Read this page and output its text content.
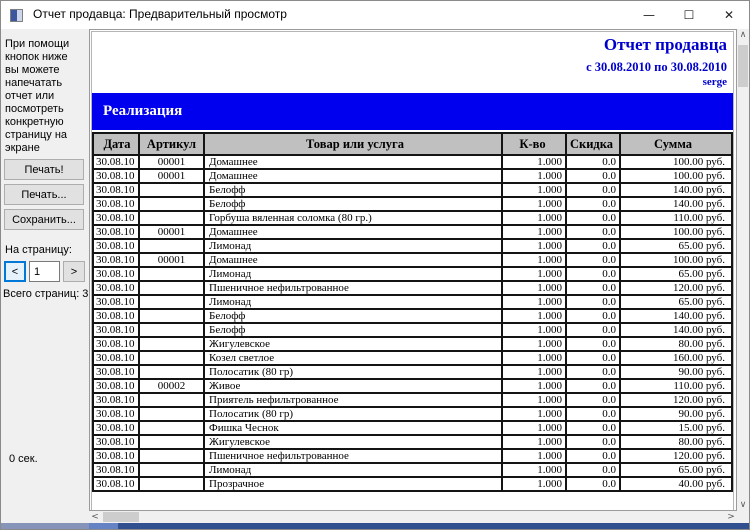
Отчет продавца: Предварительный просмотр	—	☐	✕

При помощи кнопок ниже вы можете напечатать отчет или посмотреть конкретную страницу на экране

Печать!
Печать...
Сохранить...
На страницу:
<
1	>
Всего страниц: 3
0 сек.
Отчет продавца
с 30.08.2010 по 30.08.2010
serge
Реализация
Дата	Артикул	Товар или услуга	К-во	Скидка	Сумма
30.08.10	00001	Домашнее	1.000	0.0	100.00 руб.
30.08.10	00001	Домашнее	1.000	0.0	100.00 руб.
30.08.10		Белофф	1.000	0.0	140.00 руб.
30.08.10		Белофф	1.000	0.0	140.00 руб.
30.08.10		Горбуша вяленная соломка (80 гр.)	1.000	0.0	110.00 руб.
30.08.10	00001	Домашнее	1.000	0.0	100.00 руб.
30.08.10		Лимонад	1.000	0.0	65.00 руб.
30.08.10	00001	Домашнее	1.000	0.0	100.00 руб.
30.08.10		Лимонад	1.000	0.0	65.00 руб.
30.08.10		Пшеничное нефильтрованное	1.000	0.0	120.00 руб.
30.08.10		Лимонад	1.000	0.0	65.00 руб.
30.08.10		Белофф	1.000	0.0	140.00 руб.
30.08.10		Белофф	1.000	0.0	140.00 руб.
30.08.10		Жигулевское	1.000	0.0	80.00 руб.
30.08.10		Козел светлое	1.000	0.0	160.00 руб.
30.08.10		Полосатик (80 гр)	1.000	0.0	90.00 руб.
30.08.10	00002	Живое	1.000	0.0	110.00 руб.
30.08.10		Приятель нефильтрованное	1.000	0.0	120.00 руб.
30.08.10		Полосатик (80 гр)	1.000	0.0	90.00 руб.
30.08.10		Фишка Чеснок	1.000	0.0	15.00 руб.
30.08.10		Жигулевское	1.000	0.0	80.00 руб.
30.08.10		Пшеничное нефильтрованное	1.000	0.0	120.00 руб.
30.08.10		Лимонад	1.000	0.0	65.00 руб.
30.08.10		Прозрачное	1.000	0.0	40.00 руб.
∧
∨
<	>
